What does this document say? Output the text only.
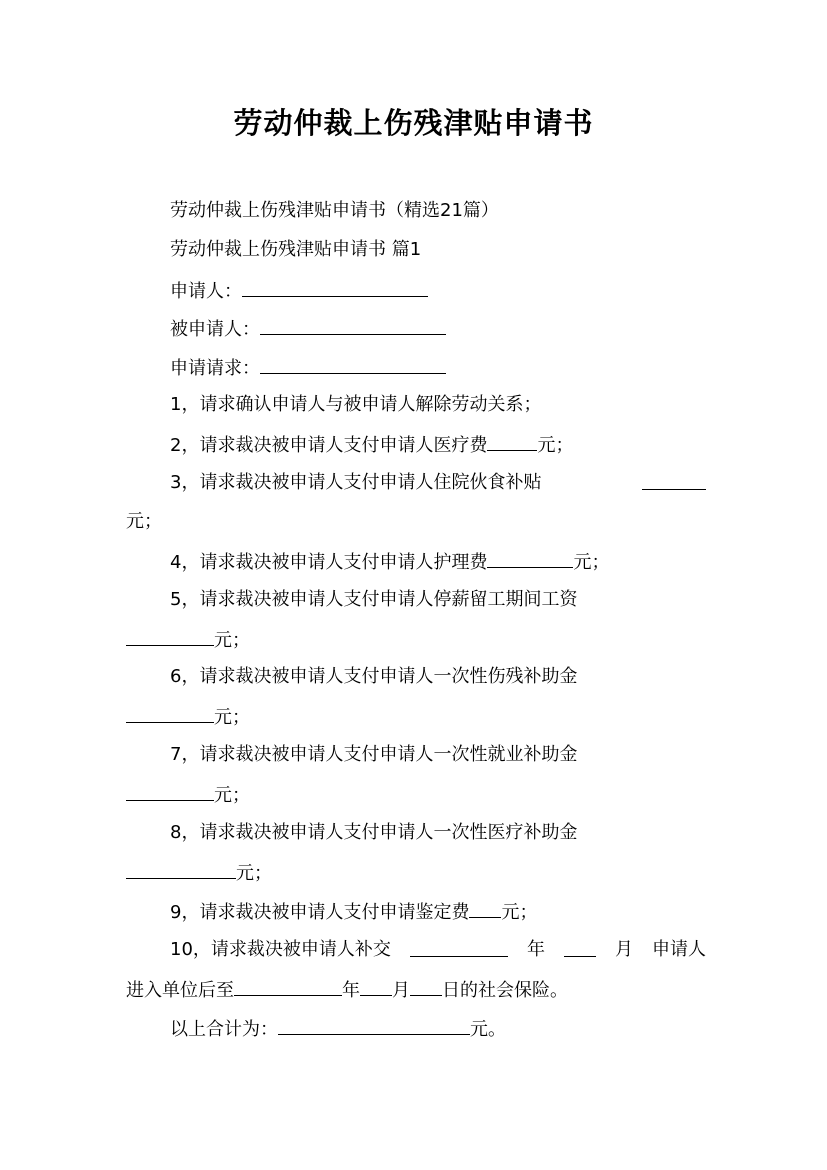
劳动仲裁上伤残津贴申请书
劳动仲裁上伤残津贴申请书（精选21篇）
劳动仲裁上伤残津贴申请书 篇1
申请人：
被申请人：
申请请求：
1，请求确认申请人与被申请人解除劳动关系；
2，请求裁决被申请人支付申请人医疗费	元；
3，请求裁决被申请人支付申请人住院伙食补贴
元；
4，请求裁决被申请人支付申请人护理费	元；
5，请求裁决被申请人支付申请人停薪留工期间工资
元；
6，请求裁决被申请人支付申请人一次性伤残补助金
元；
7，请求裁决被申请人支付申请人一次性就业补助金
元；
8，请求裁决被申请人支付申请人一次性医疗补助金
元；
9，请求裁决被申请人支付申请鉴定费 元；
10，请求裁决被申请人补交	年	月 申请人
进入单位后至	年 月 日的社会保险。
以上合计为：	元。
